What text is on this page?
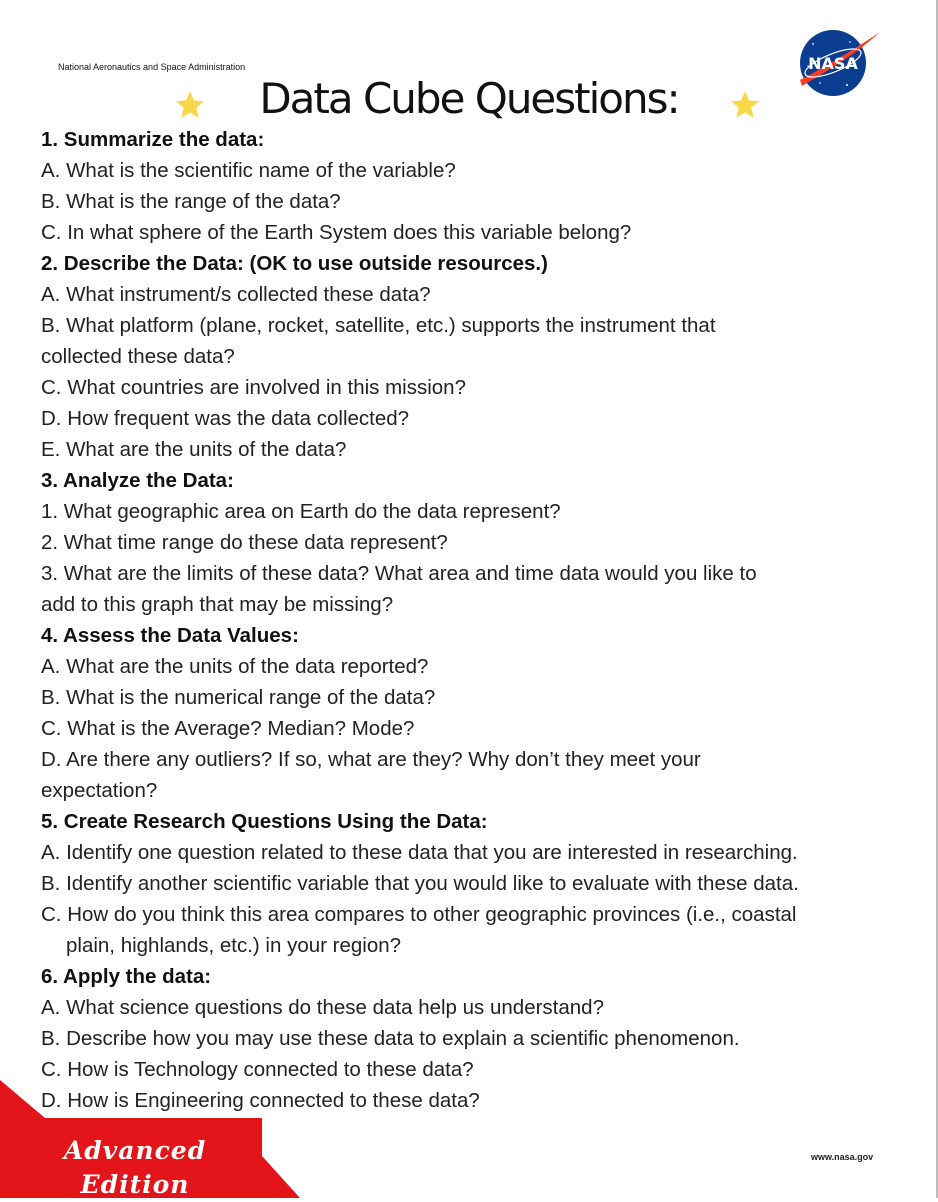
National Aeronautics and Space Administration
Data Cube Questions:
NASA
1. Summarize the data:
A. What is the scientific name of the variable?
B. What is the range of the data?
C. In what sphere of the Earth System does this variable belong?
2. Describe the Data: (OK to use outside resources.)
A. What instrument/s collected these data?
B. What platform (plane, rocket, satellite, etc.) supports the instrument that
collected these data?
C. What countries are involved in this mission?
D. How frequent was the data collected?
E. What are the units of the data?
3. Analyze the Data:
1. What geographic area on Earth do the data represent?
2. What time range do these data represent?
3. What are the limits of these data? What area and time data would you like to
add to this graph that may be missing?
4. Assess the Data Values:
A. What are the units of the data reported?
B. What is the numerical range of the data?
C. What is the Average? Median? Mode?
D. Are there any outliers? If so, what are they? Why don’t they meet your
expectation?
5. Create Research Questions Using the Data:
A. Identify one question related to these data that you are interested in researching.
B. Identify another scientific variable that you would like to evaluate with these data.
C. How do you think this area compares to other geographic provinces (i.e., coastal
plain, highlands, etc.) in your region?
6. Apply the data:
A. What science questions do these data help us understand?
B. Describe how you may use these data to explain a scientific phenomenon.
C. How is Technology connected to these data?
D. How is Engineering connected to these data?
www.nasa.gov
Advanced
Edition
